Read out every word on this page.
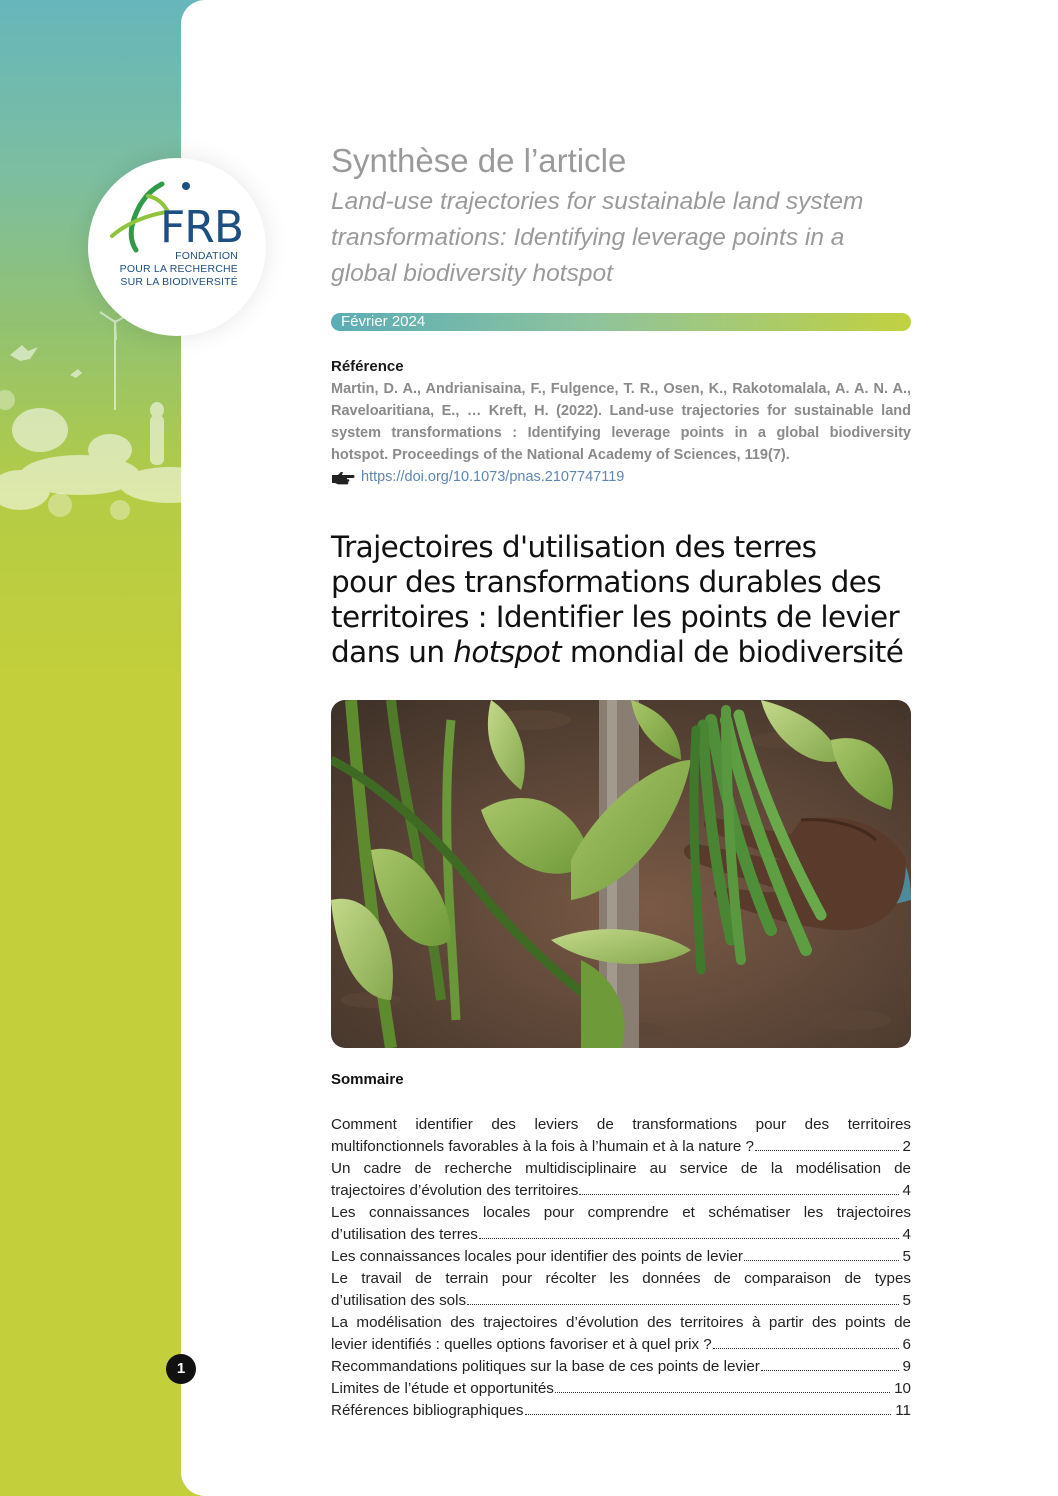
FRB
FONDATION
POUR LA RECHERCHE
SUR LA BIODIVERSITÉ
Synthèse de l’article
Land-use trajectories for sustainable land system transformations: Identifying leverage points in a global biodiversity hotspot
Février 2024
Référence
Martin, D. A., Andrianisaina, F., Fulgence, T. R., Osen, K., Rakotomalala, A. A. N. A., Raveloaritiana, E., … Kreft, H. (2022). Land-use trajectories for sustainable land system transformations : Identifying leverage points in a global biodiversity hotspot. Proceedings of the National Academy of Sciences, 119(7).
https://doi.org/10.1073/pnas.2107747119
Trajectoires d'utilisation des terres
pour des transformations durables des
territoires : Identifier les points de levier
dans un hotspot mondial de biodiversité
Sommaire
Comment identifier des leviers de transformations pour des territoires
multifonctionnels favorables à la fois à l’humain et à la nature ?	2
Un cadre de recherche multidisciplinaire au service de la modélisation de
trajectoires d’évolution des territoires	4
Les connaissances locales pour comprendre et schématiser les trajectoires
d’utilisation des terres	4
Les connaissances locales pour identifier des points de levier	5
Le travail de terrain pour récolter les données de comparaison de types
d’utilisation des sols	5
La modélisation des trajectoires d’évolution des territoires à partir des points de
levier identifiés : quelles options favoriser et à quel prix ?	6
Recommandations politiques sur la base de ces points de levier	9
Limites de l’étude et opportunités	10
Références bibliographiques	11
1
